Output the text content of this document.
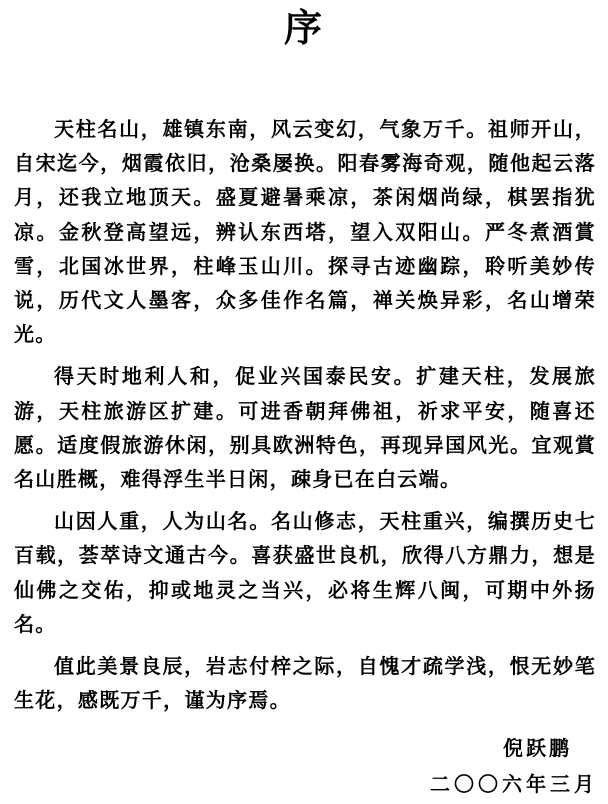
序

天柱名山，雄镇东南，风云变幻，气象万千。祖师开山，自宋迄今，烟霞依旧，沧桑屡换。阳春雾海奇观，随他起云落月，还我立地顶天。盛夏避暑乘凉，茶闲烟尚绿，棋罢指犹凉。金秋登高望远，辨认东西塔，望入双阳山。严冬煮酒賞雪，北国冰世界，柱峰玉山川。探寻古迹幽踪，聆听美妙传说，历代文人墨客，众多佳作名篇，禅关焕异彩，名山增荣光。

得天时地利人和，促业兴国泰民安。扩建天柱，发展旅游，天柱旅游区扩建。可进香朝拜佛祖，祈求平安，随喜还愿。适度假旅游休闲，别具欧洲特色，再现异国风光。宜观賞名山胜概，难得浮生半日闲，疎身已在白云端。

山因人重，人为山名。名山修志，天柱重兴，编撰历史七百载，荟萃诗文通古今。喜获盛世良机，欣得八方鼎力，想是仙佛之交佑，抑或地灵之当兴，必将生辉八闽，可期中外扬名。

值此美景良辰，岩志付梓之际，自愧才疏学浅，恨无妙笔生花，感既万千，谨为序焉。

倪跃鹏
二〇〇六年三月
